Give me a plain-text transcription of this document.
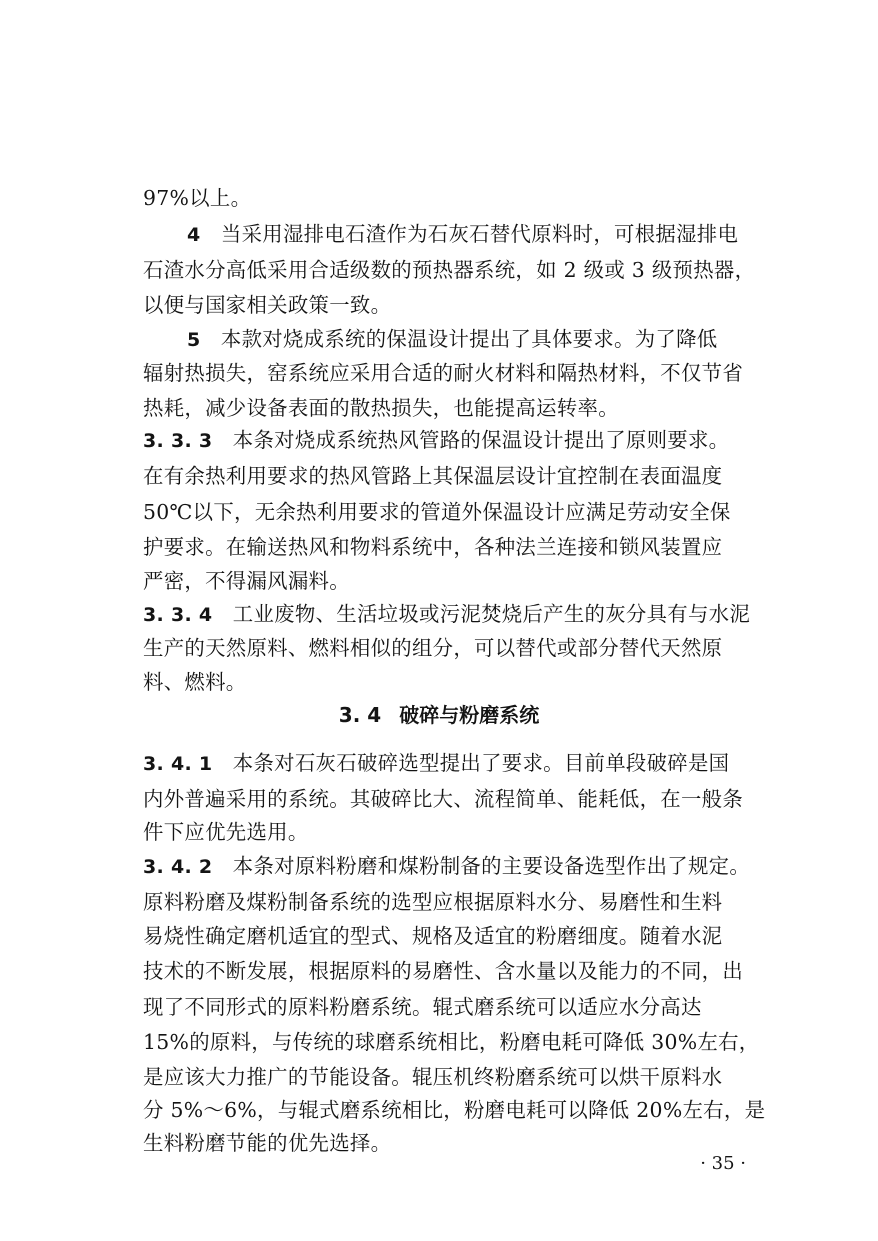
97%以上。
4 当采用湿排电石渣作为石灰石替代原料时，可根据湿排电
石渣水分高低采用合适级数的预热器系统，如 2 级或 3 级预热器，
以便与国家相关政策一致。
5 本款对烧成系统的保温设计提出了具体要求。为了降低
辐射热损失，窑系统应采用合适的耐火材料和隔热材料，不仅节省
热耗，减少设备表面的散热损失，也能提高运转率。
3. 3. 3 本条对烧成系统热风管路的保温设计提出了原则要求。
在有余热利用要求的热风管路上其保温层设计宜控制在表面温度
50℃以下，无余热利用要求的管道外保温设计应满足劳动安全保
护要求。在输送热风和物料系统中，各种法兰连接和锁风装置应
严密，不得漏风漏料。
3. 3. 4 工业废物、生活垃圾或污泥焚烧后产生的灰分具有与水泥
生产的天然原料、燃料相似的组分，可以替代或部分替代天然原
料、燃料。
3. 4 破碎与粉磨系统
3. 4. 1 本条对石灰石破碎选型提出了要求。目前单段破碎是国
内外普遍采用的系统。其破碎比大、流程简单、能耗低，在一般条
件下应优先选用。
3. 4. 2 本条对原料粉磨和煤粉制备的主要设备选型作出了规定。
原料粉磨及煤粉制备系统的选型应根据原料水分、易磨性和生料
易烧性确定磨机适宜的型式、规格及适宜的粉磨细度。随着水泥
技术的不断发展，根据原料的易磨性、含水量以及能力的不同，出
现了不同形式的原料粉磨系统。辊式磨系统可以适应水分高达
15%的原料，与传统的球磨系统相比，粉磨电耗可降低 30%左右，
是应该大力推广的节能设备。辊压机终粉磨系统可以烘干原料水
分 5%～6%，与辊式磨系统相比，粉磨电耗可以降低 20%左右，是
生料粉磨节能的优先选择。
· 35 ·
